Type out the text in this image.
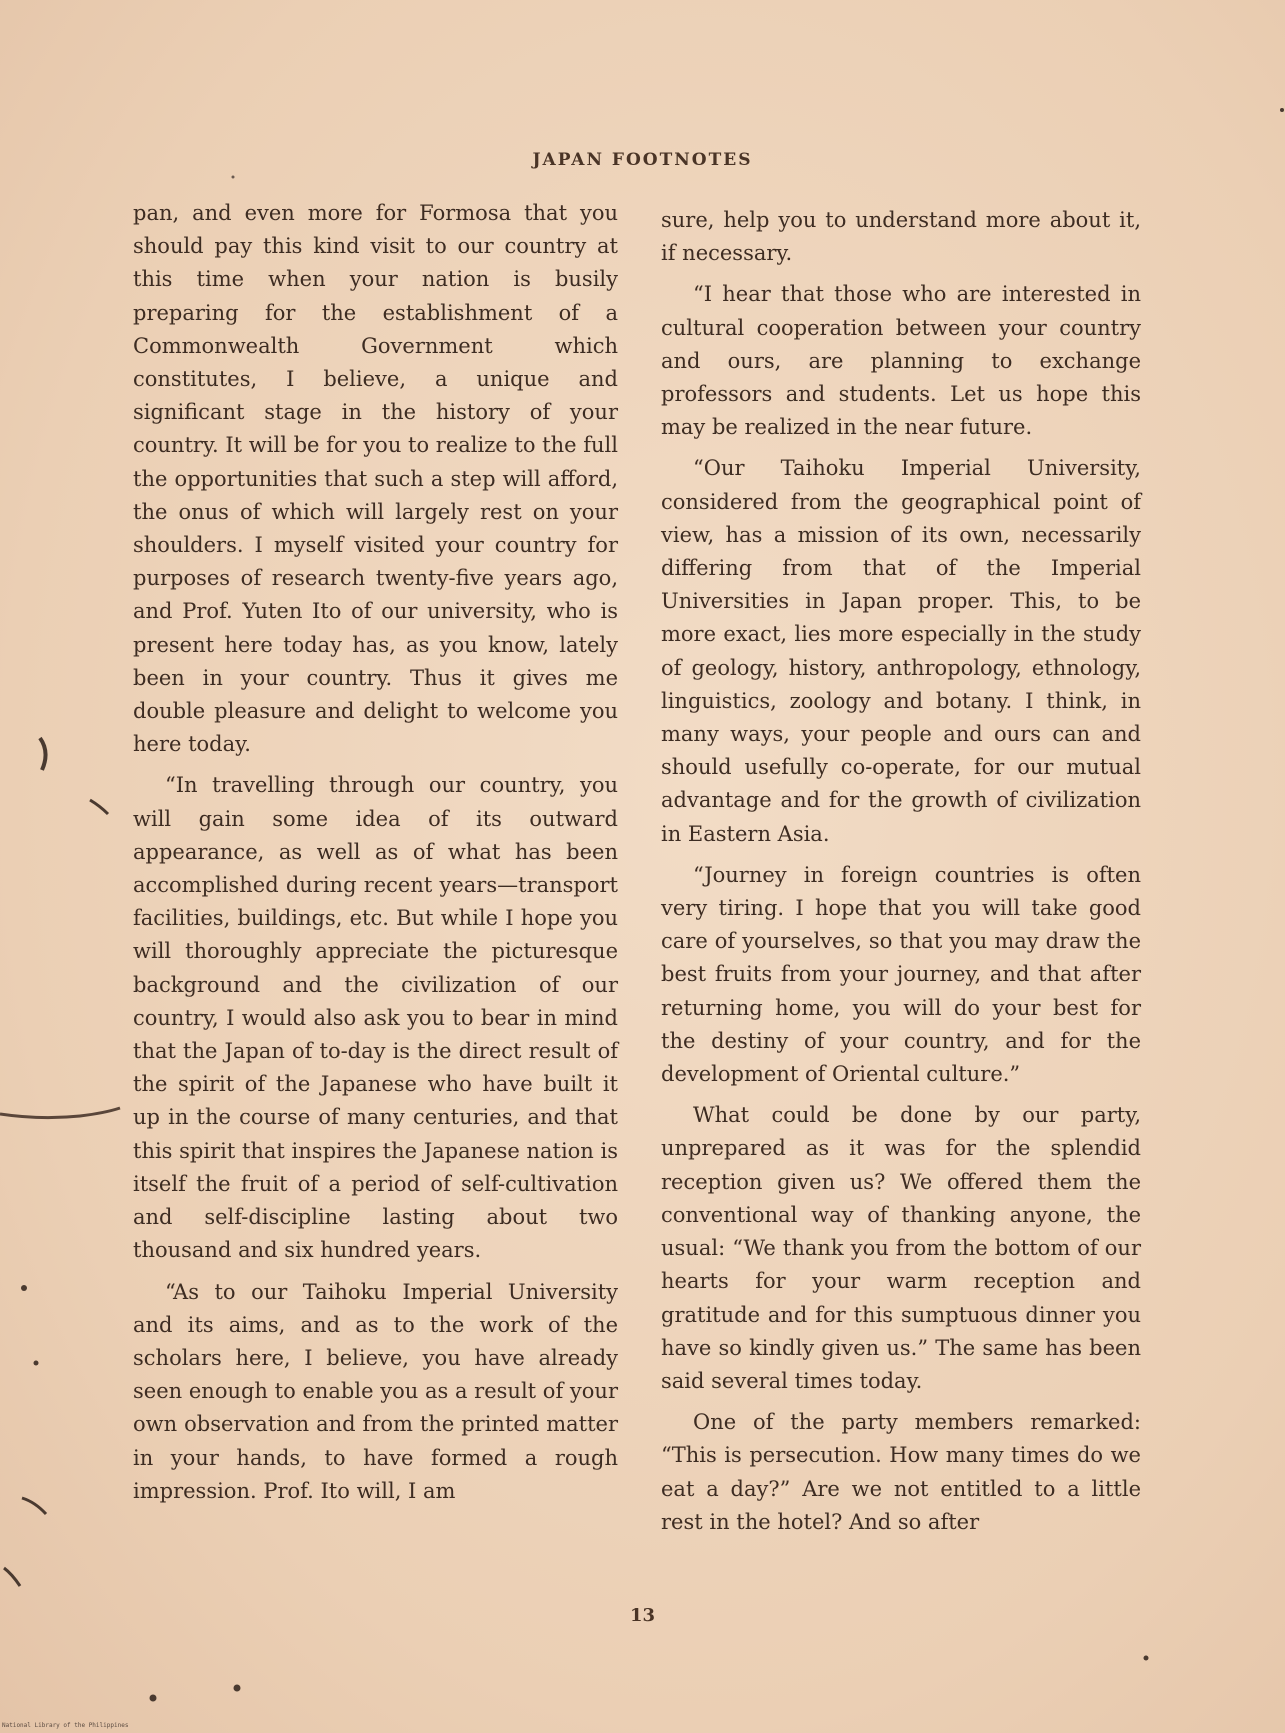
JAPAN FOOTNOTES

pan, and even more for Formosa that you should pay this kind visit to our country at this time when your nation is busily preparing for the establishment of a Commonwealth Government which constitutes, I believe, a unique and significant stage in the history of your country. It will be for you to realize to the full the opportunities that such a step will afford, the onus of which will largely rest on your shoulders. I myself visited your country for purposes of research twenty-five years ago, and Prof. Yuten Ito of our university, who is present here today has, as you know, lately been in your country. Thus it gives me double pleasure and delight to welcome you here today.

“In travelling through our country, you will gain some idea of its outward appearance, as well as of what has been accomplished during recent years—transport facilities, buildings, etc. But while I hope you will thoroughly appreciate the picturesque background and the civilization of our country, I would also ask you to bear in mind that the Japan of to-day is the direct result of the spirit of the Japanese who have built it up in the course of many centuries, and that this spirit that inspires the Japanese nation is itself the fruit of a period of self-cultivation and self-discipline lasting about two thousand and six hundred years.

“As to our Taihoku Imperial University and its aims, and as to the work of the scholars here, I believe, you have already seen enough to enable you as a result of your own observation and from the printed matter in your hands, to have formed a rough impression. Prof. Ito will, I am

sure, help you to understand more about it, if necessary.

“I hear that those who are interested in cultural cooperation between your country and ours, are planning to exchange professors and students. Let us hope this may be realized in the near future.

“Our Taihoku Imperial University, considered from the geographical point of view, has a mission of its own, necessarily differing from that of the Imperial Universities in Japan proper. This, to be more exact, lies more especially in the study of geology, history, anthropology, ethnology, linguistics, zoology and botany. I think, in many ways, your people and ours can and should usefully co-operate, for our mutual advantage and for the growth of civilization in Eastern Asia.

“Journey in foreign countries is often very tiring. I hope that you will take good care of yourselves, so that you may draw the best fruits from your journey, and that after returning home, you will do your best for the destiny of your country, and for the development of Oriental culture.”

What could be done by our party, unprepared as it was for the splendid reception given us? We offered them the conventional way of thanking anyone, the usual: “We thank you from the bottom of our hearts for your warm reception and gratitude and for this sumptuous dinner you have so kindly given us.” The same has been said several times today.

One of the party members remarked: “This is persecution. How many times do we eat a day?” Are we not entitled to a little rest in the hotel? And so after

13
National Library of the Philippines
